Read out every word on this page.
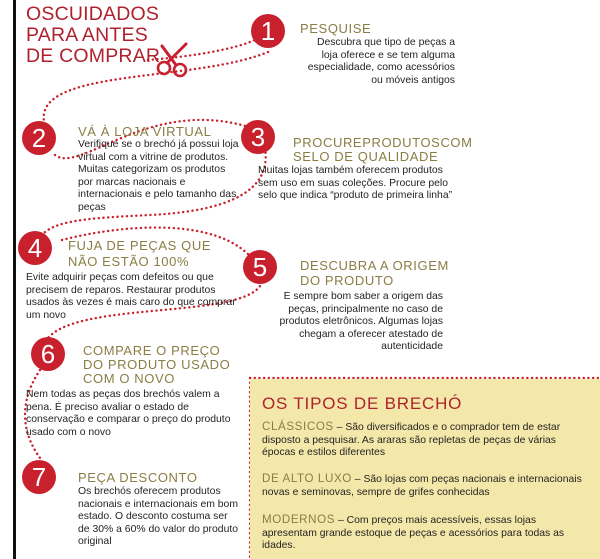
OSCUIDADOS
PARA ANTES
DE COMPRAR
1	PESQUISE
Descubra que tipo de peças a loja oferece e se tem alguma especialidade, como acessórios ou móveis antigos
2	VÁ À LOJA VIRTUAL
Verifique se o brechó já possui loja virtual com a vitrine de produtos. Muitas categorizam os produtos por marcas nacionais e internacionais e pelo tamanho das peças
3	PROCUREPRODUTOSCOM SELO DE QUALIDADE
Muitas lojas também oferecem produtos sem uso em suas coleções. Procure pelo selo que indica “produto de primeira linha”
4	FUJA DE PEÇAS QUE NÃO ESTÃO 100%
Evite adquirir peças com defeitos ou que precisem de reparos. Restaurar produtos usados às vezes é mais caro do que comprar um novo
5	DESCUBRA A ORIGEM DO PRODUTO
É sempre bom saber a origem das peças, principalmente no caso de produtos eletrônicos. Algumas lojas chegam a oferecer atestado de autenticidade
6	COMPARE O PREÇO DO PRODUTO USADO COM O NOVO
Nem todas as peças dos brechós valem a pena. É preciso avaliar o estado de conservação e comparar o preço do produto usado com o novo
7	PEÇA DESCONTO
Os brechós oferecem produtos nacionais e internacionais em bom estado. O desconto costuma ser de 30% a 60% do valor do produto original
OS TIPOS DE BRECHÓ
CLÁSSICOS – São diversificados e o comprador tem de estar disposto a pesquisar. As araras são repletas de peças de várias épocas e estilos diferentes
DE ALTO LUXO – São lojas com peças nacionais e internacionais novas e seminovas, sempre de grifes conhecidas
MODERNOS – Com preços mais acessíveis, essas lojas apresentam grande estoque de peças e acessórios para todas as idades.
